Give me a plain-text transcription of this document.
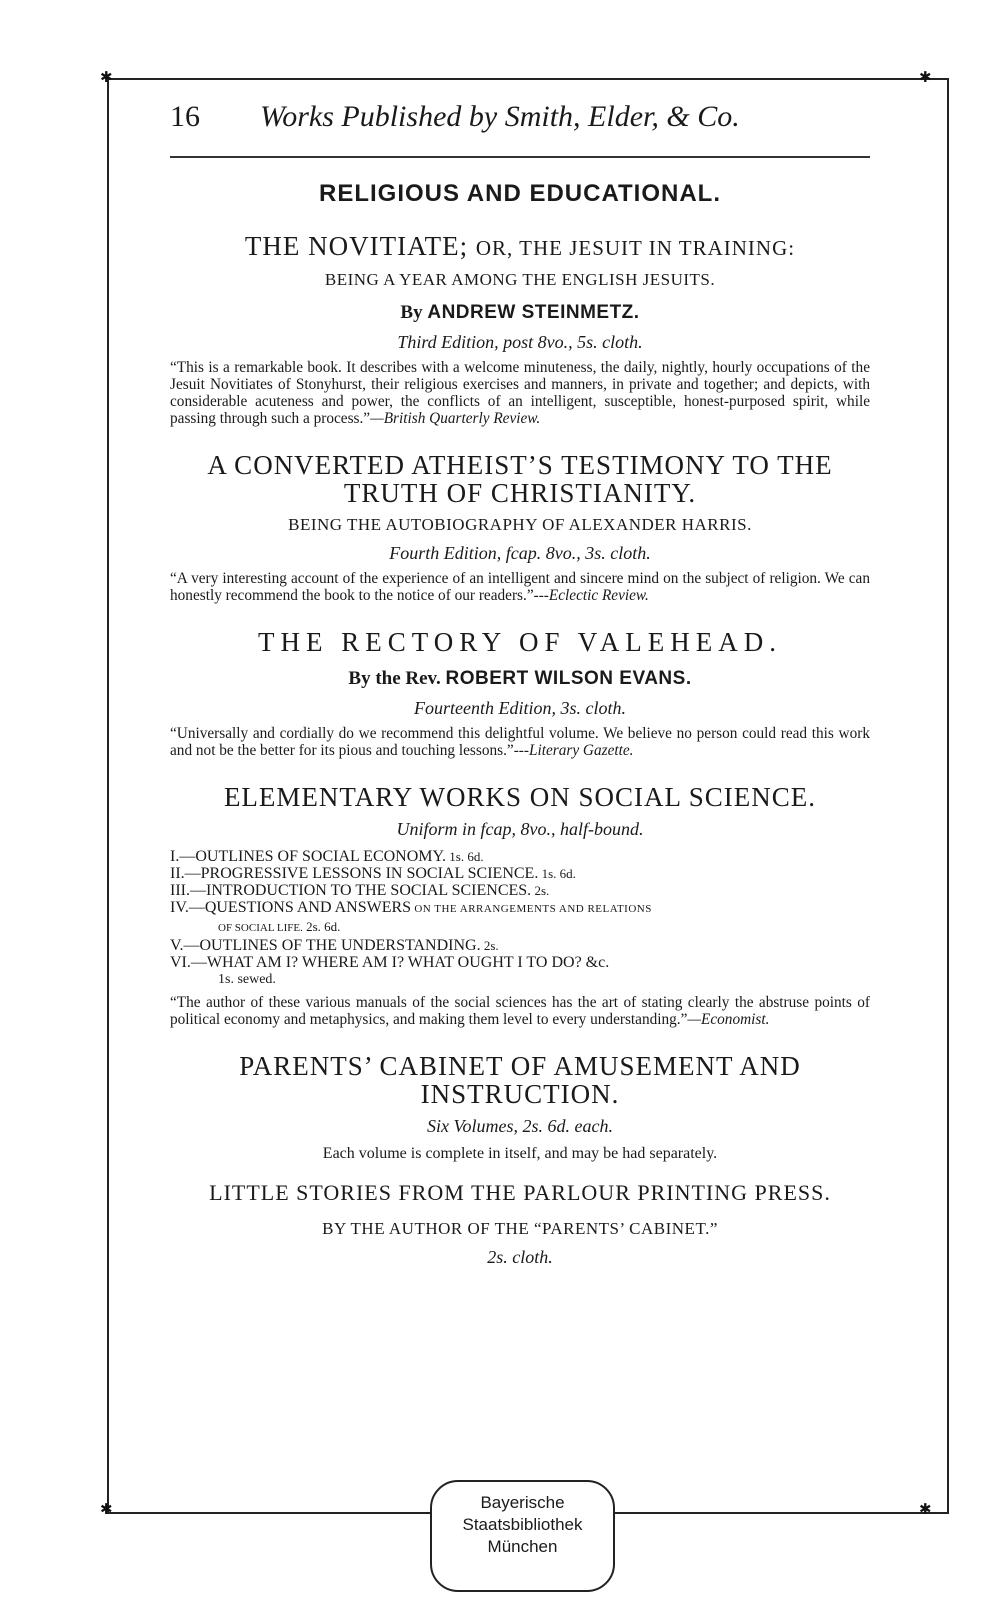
✱	✱
✱	✱
16	Works Published by Smith, Elder, & Co.
RELIGIOUS AND EDUCATIONAL.
THE NOVITIATE; OR, THE JESUIT IN TRAINING:
BEING A YEAR AMONG THE ENGLISH JESUITS.
By ANDREW STEINMETZ.
Third Edition, post 8vo., 5s. cloth.
“This is a remarkable book. It describes with a welcome minuteness, the daily, nightly, hourly occupations of the Jesuit Novitiates of Stonyhurst, their religious exercises and manners, in private and together; and depicts, with considerable acuteness and power, the conflicts of an intelligent, susceptible, honest-purposed spirit, while passing through such a process.”—British Quarterly Review.
A CONVERTED ATHEIST’S TESTIMONY TO THE
TRUTH OF CHRISTIANITY.
BEING THE AUTOBIOGRAPHY OF ALEXANDER HARRIS.
Fourth Edition, fcap. 8vo., 3s. cloth.
“A very interesting account of the experience of an intelligent and sincere mind on the subject of religion. We can honestly recommend the book to the notice of our readers.”---Eclectic Review.
THE RECTORY OF VALEHEAD.
By the Rev. ROBERT WILSON EVANS.
Fourteenth Edition, 3s. cloth.
“Universally and cordially do we recommend this delightful volume. We believe no person could read this work and not be the better for its pious and touching lessons.”---Literary Gazette.
ELEMENTARY WORKS ON SOCIAL SCIENCE.
Uniform in fcap, 8vo., half-bound.
I.—OUTLINES OF SOCIAL ECONOMY. 1s. 6d.
II.—PROGRESSIVE LESSONS IN SOCIAL SCIENCE. 1s. 6d.
III.—INTRODUCTION TO THE SOCIAL SCIENCES. 2s.
IV.—QUESTIONS AND ANSWERS ON THE ARRANGEMENTS AND RELATIONS
OF SOCIAL LIFE. 2s. 6d.
V.—OUTLINES OF THE UNDERSTANDING. 2s.
VI.—WHAT AM I? WHERE AM I? WHAT OUGHT I TO DO? &c.
1s. sewed.
“The author of these various manuals of the social sciences has the art of stating clearly the abstruse points of political economy and metaphysics, and making them level to every understanding.”—Economist.
PARENTS’ CABINET OF AMUSEMENT AND
INSTRUCTION.
Six Volumes, 2s. 6d. each.
Each volume is complete in itself, and may be had separately.
LITTLE STORIES FROM THE PARLOUR PRINTING PRESS.
BY THE AUTHOR OF THE “PARENTS’ CABINET.”
2s. cloth.
Bayerische
Staatsbibliothek
München
